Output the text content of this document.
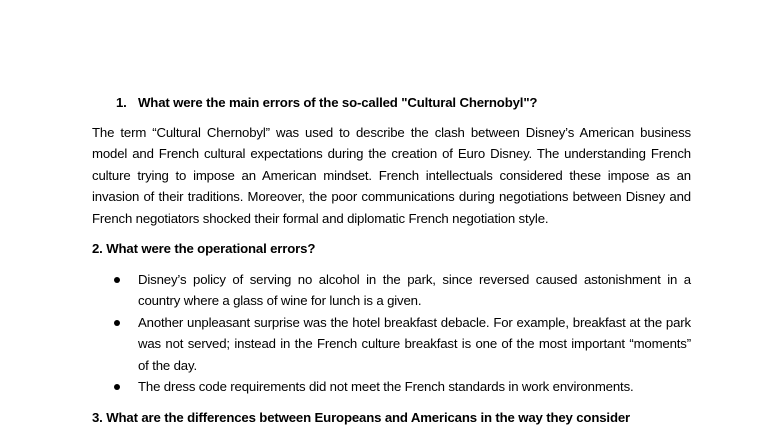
1. What were the main errors of the so-called "Cultural Chernobyl"?

The term “Cultural Chernobyl” was used to describe the clash between Disney’s American business model and French cultural expectations during the creation of Euro Disney. The understanding French culture trying to impose an American mindset. French intellectuals considered these impose as an invasion of their traditions. Moreover, the poor communications during negotiations between Disney and French negotiators shocked their formal and diplomatic French negotiation style.

2. What were the operational errors?
Disney’s policy of serving no alcohol in the park, since reversed caused astonishment in a country where a glass of wine for lunch is a given.
Another unpleasant surprise was the hotel breakfast debacle. For example, breakfast at the park was not served; instead in the French culture breakfast is one of the most important “moments” of the day.
The dress code requirements did not meet the French standards in work environments.
3. What are the differences between Europeans and Americans in the way they consider
